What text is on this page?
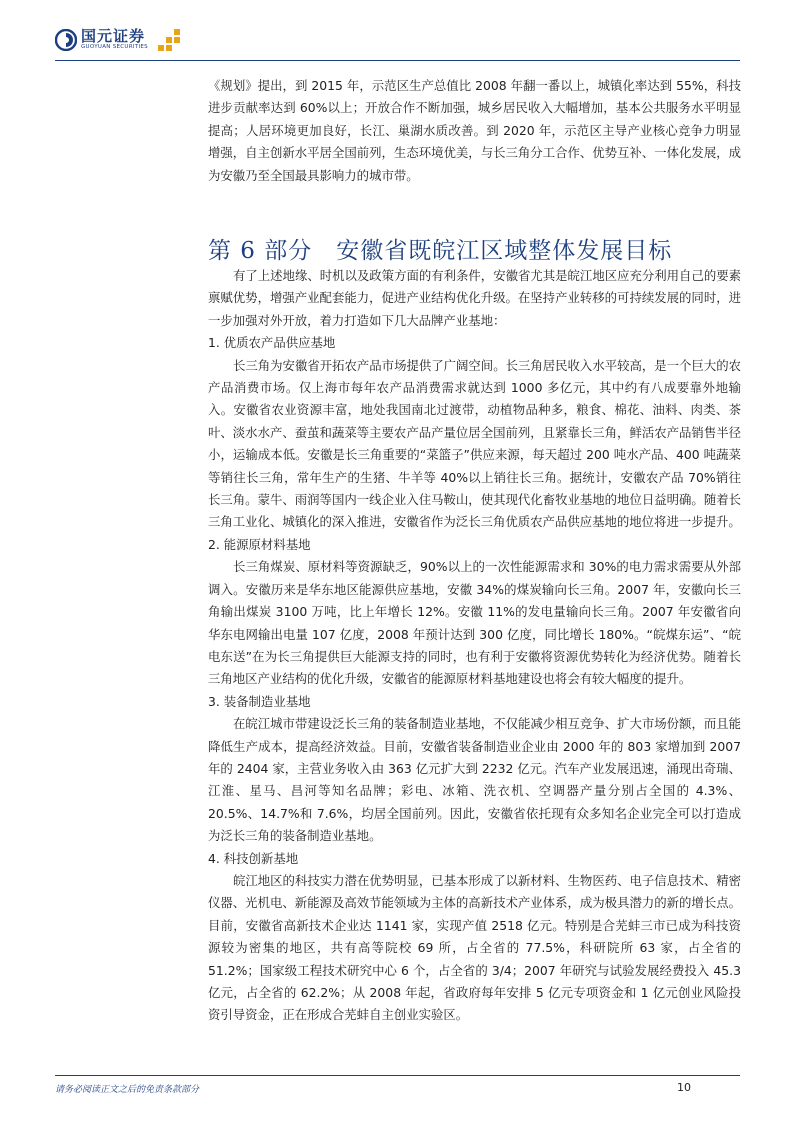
国元证券
GUOYUAN SECURITIES

《规划》提出，到 2015 年，示范区生产总值比 2008 年翻一番以上，城镇化率达到 55%，科技进步贡献率达到 60%以上；开放合作不断加强，城乡居民收入大幅增加，基本公共服务水平明显提高；人居环境更加良好，长江、巢湖水质改善。到 2020 年，示范区主导产业核心竞争力明显增强，自主创新水平居全国前列，生态环境优美，与长三角分工合作、优势互补、一体化发展，成为安徽乃至全国最具影响力的城市带。

第 6 部分 安徽省既皖江区域整体发展目标

有了上述地缘、时机以及政策方面的有利条件，安徽省尤其是皖江地区应充分利用自己的要素禀赋优势，增强产业配套能力，促进产业结构优化升级。在坚持产业转移的可持续发展的同时，进一步加强对外开放，着力打造如下几大品牌产业基地：

1. 优质农产品供应基地

长三角为安徽省开拓农产品市场提供了广阔空间。长三角居民收入水平较高，是一个巨大的农产品消费市场。仅上海市每年农产品消费需求就达到 1000 多亿元，其中约有八成要靠外地输入。安徽省农业资源丰富，地处我国南北过渡带，动植物品种多，粮食、棉花、油料、肉类、茶叶、淡水水产、蚕茧和蔬菜等主要农产品产量位居全国前列，且紧靠长三角，鲜活农产品销售半径小，运输成本低。安徽是长三角重要的“菜篮子”供应来源，每天超过 200 吨水产品、400 吨蔬菜等销往长三角，常年生产的生猪、牛羊等 40%以上销往长三角。据统计，安徽农产品 70%销往长三角。蒙牛、雨润等国内一线企业入住马鞍山，使其现代化畜牧业基地的地位日益明确。随着长三角工业化、城镇化的深入推进，安徽省作为泛长三角优质农产品供应基地的地位将进一步提升。

2. 能源原材料基地

长三角煤炭、原材料等资源缺乏，90%以上的一次性能源需求和 30%的电力需求需要从外部调入。安徽历来是华东地区能源供应基地，安徽 34%的煤炭输向长三角。2007 年，安徽向长三角输出煤炭 3100 万吨，比上年增长 12%。安徽 11%的发电量输向长三角。2007 年安徽省向华东电网输出电量 107 亿度，2008 年预计达到 300 亿度，同比增长 180%。“皖煤东运”、“皖电东送”在为长三角提供巨大能源支持的同时，也有利于安徽将资源优势转化为经济优势。随着长三角地区产业结构的优化升级，安徽省的能源原材料基地建设也将会有较大幅度的提升。

3. 装备制造业基地

在皖江城市带建设泛长三角的装备制造业基地，不仅能减少相互竞争、扩大市场份额，而且能降低生产成本，提高经济效益。目前，安徽省装备制造业企业由 2000 年的 803 家增加到 2007 年的 2404 家，主营业务收入由 363 亿元扩大到 2232 亿元。汽车产业发展迅速，涌现出奇瑞、江淮、星马、昌河等知名品牌；彩电、冰箱、洗衣机、空调器产量分别占全国的 4.3%、20.5%、14.7%和 7.6%，均居全国前列。因此，安徽省依托现有众多知名企业完全可以打造成为泛长三角的装备制造业基地。

4. 科技创新基地

皖江地区的科技实力潜在优势明显，已基本形成了以新材料、生物医药、电子信息技术、精密仪器、光机电、新能源及高效节能领域为主体的高新技术产业体系，成为极具潜力的新的增长点。目前，安徽省高新技术企业达 1141 家，实现产值 2518 亿元。特别是合芜蚌三市已成为科技资源较为密集的地区，共有高等院校 69 所，占全省的 77.5%，科研院所 63 家，占全省的 51.2%；国家级工程技术研究中心 6 个，占全省的 3/4；2007 年研究与试验发展经费投入 45.3 亿元，占全省的 62.2%；从 2008 年起，省政府每年安排 5 亿元专项资金和 1 亿元创业风险投资引导资金，正在形成合芜蚌自主创业实验区。

请务必阅读正文之后的免责条款部分	10
